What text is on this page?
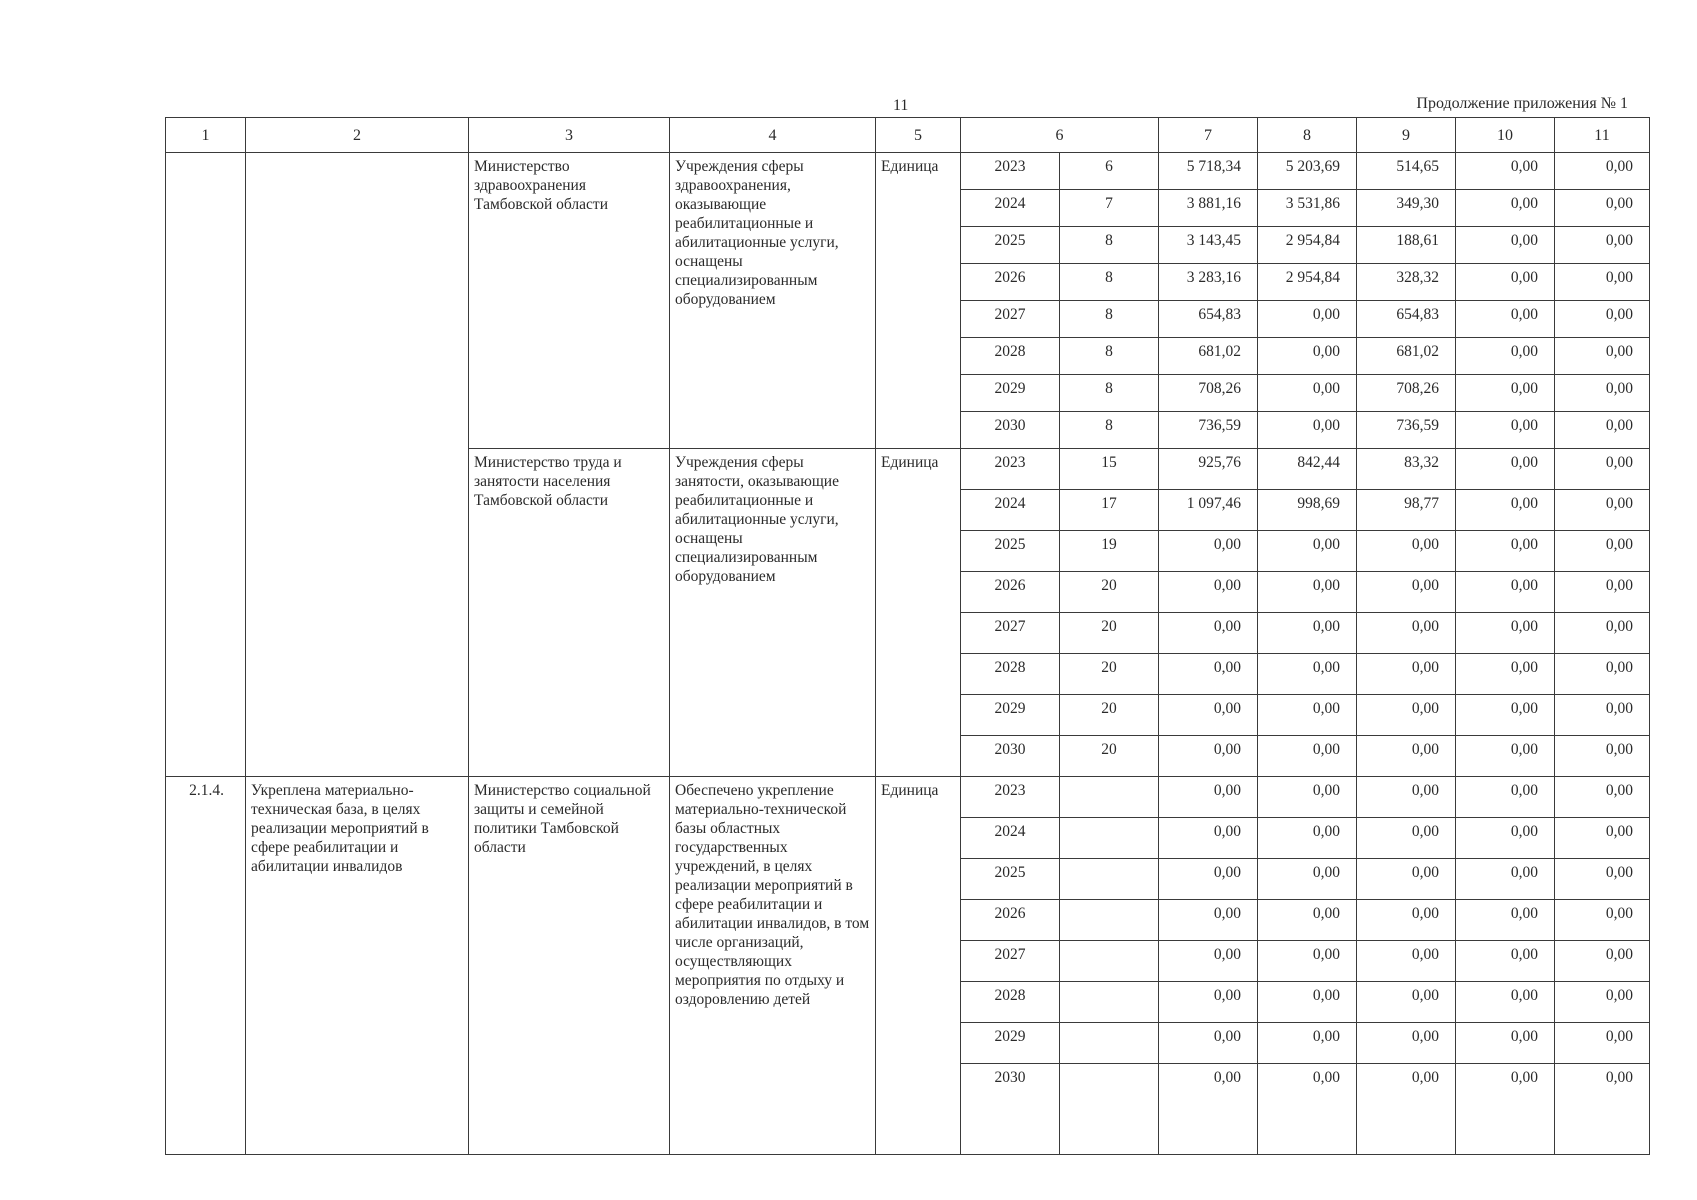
11	Продолжение приложения № 1
1	2	3	4	5	6		7	8	9	10	11
		Министерство здравоохранения Тамбовской области	Учреждения сферы здравоохранения, оказывающие реабилитационные и абилитационные услуги, оснащены специализированным оборудованием	Единица	2023	6	5 718,34	5 203,69	514,65	0,00	0,00
					2024	7	3 881,16	3 531,86	349,30	0,00	0,00
					2025	8	3 143,45	2 954,84	188,61	0,00	0,00
					2026	8	3 283,16	2 954,84	328,32	0,00	0,00
					2027	8	654,83	0,00	654,83	0,00	0,00
					2028	8	681,02	0,00	681,02	0,00	0,00
					2029	8	708,26	0,00	708,26	0,00	0,00
					2030	8	736,59	0,00	736,59	0,00	0,00
		Министерство труда и занятости населения Тамбовской области	Учреждения сферы занятости, оказывающие реабилитационные и абилитационные услуги, оснащены специализированным оборудованием	Единица	2023	15	925,76	842,44	83,32	0,00	0,00
					2024	17	1 097,46	998,69	98,77	0,00	0,00
					2025	19	0,00	0,00	0,00	0,00	0,00
					2026	20	0,00	0,00	0,00	0,00	0,00
					2027	20	0,00	0,00	0,00	0,00	0,00
					2028	20	0,00	0,00	0,00	0,00	0,00
					2029	20	0,00	0,00	0,00	0,00	0,00
					2030	20	0,00	0,00	0,00	0,00	0,00
2.1.4.	Укреплена материально-техническая база, в целях реализации мероприятий в сфере реабилитации и абилитации инвалидов	Министерство социальной защиты и семейной политики Тамбовской области	Обеспечено укрепление материально-технической базы областных государственных учреждений, в целях реализации мероприятий в сфере реабилитации и абилитации инвалидов, в том числе организаций, осуществляющих мероприятия по отдыху и оздоровлению детей	Единица	2023		0,00	0,00	0,00	0,00	0,00
					2024		0,00	0,00	0,00	0,00	0,00
					2025		0,00	0,00	0,00	0,00	0,00
					2026		0,00	0,00	0,00	0,00	0,00
					2027		0,00	0,00	0,00	0,00	0,00
					2028		0,00	0,00	0,00	0,00	0,00
					2029		0,00	0,00	0,00	0,00	0,00
					2030		0,00	0,00	0,00	0,00	0,00
